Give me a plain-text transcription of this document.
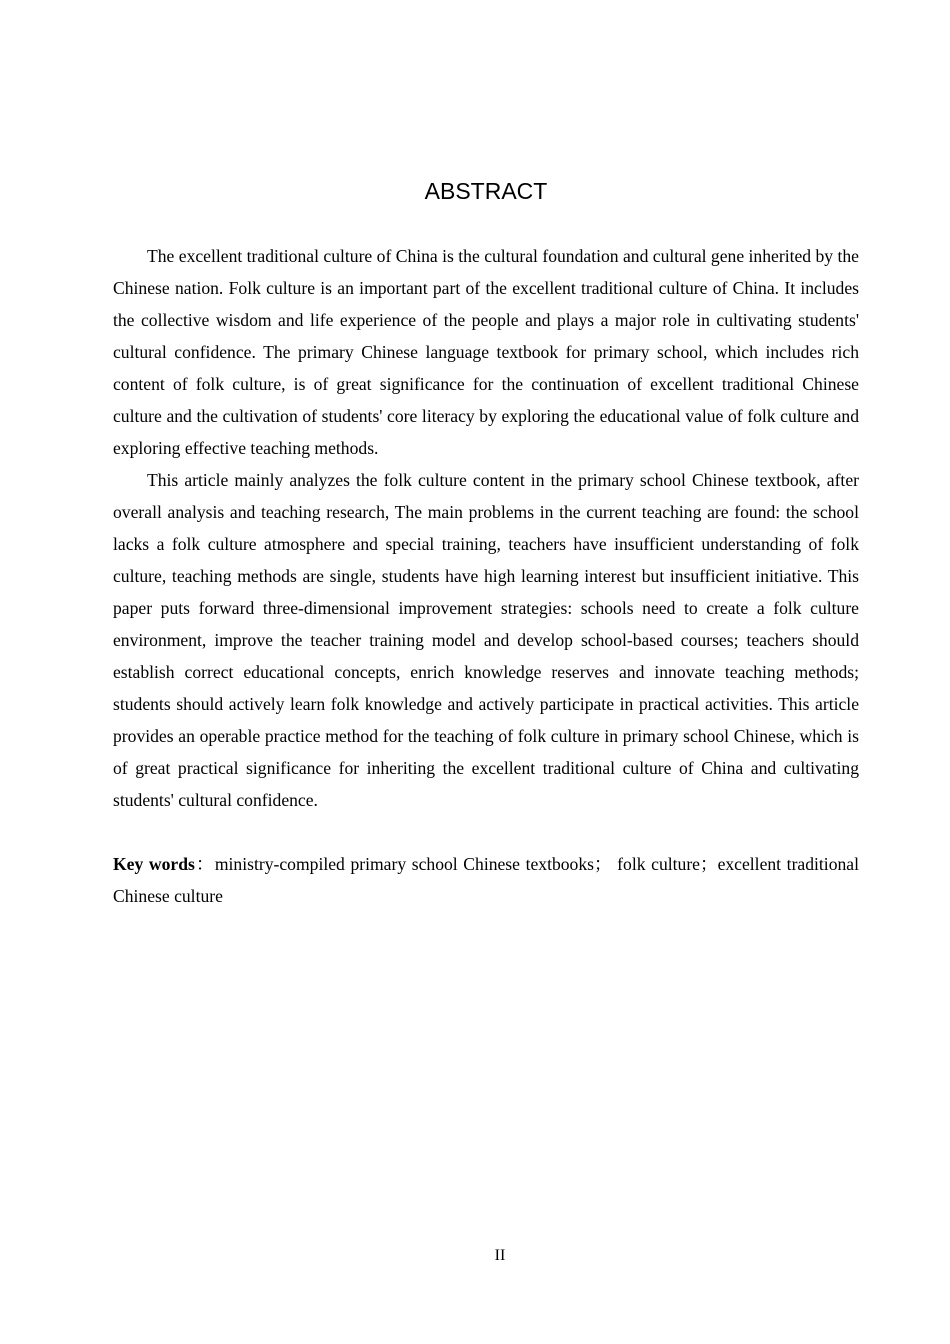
ABSTRACT

The excellent traditional culture of China is the cultural foundation and cultural gene inherited by the Chinese nation. Folk culture is an important part of the excellent traditional culture of China. It includes the collective wisdom and life experience of the people and plays a major role in cultivating students' cultural confidence. The primary Chinese language textbook for primary school, which includes rich content of folk culture, is of great significance for the continuation of excellent traditional Chinese culture and the cultivation of students' core literacy by exploring the educational value of folk culture and exploring effective teaching methods.

This article mainly analyzes the folk culture content in the primary school Chinese textbook, after overall analysis and teaching research, The main problems in the current teaching are found: the school lacks a folk culture atmosphere and special training, teachers have insufficient understanding of folk culture, teaching methods are single, students have high learning interest but insufficient initiative. This paper puts forward three-dimensional improvement strategies: schools need to create a folk culture environment, improve the teacher training model and develop school-based courses; teachers should establish correct educational concepts, enrich knowledge reserves and innovate teaching methods; students should actively learn folk knowledge and actively participate in practical activities. This article provides an operable practice method for the teaching of folk culture in primary school Chinese, which is of great practical significance for inheriting the excellent traditional culture of China and cultivating students' cultural confidence.

Key words：ministry-compiled primary school Chinese textbooks； folk culture；excellent traditional Chinese culture

II
